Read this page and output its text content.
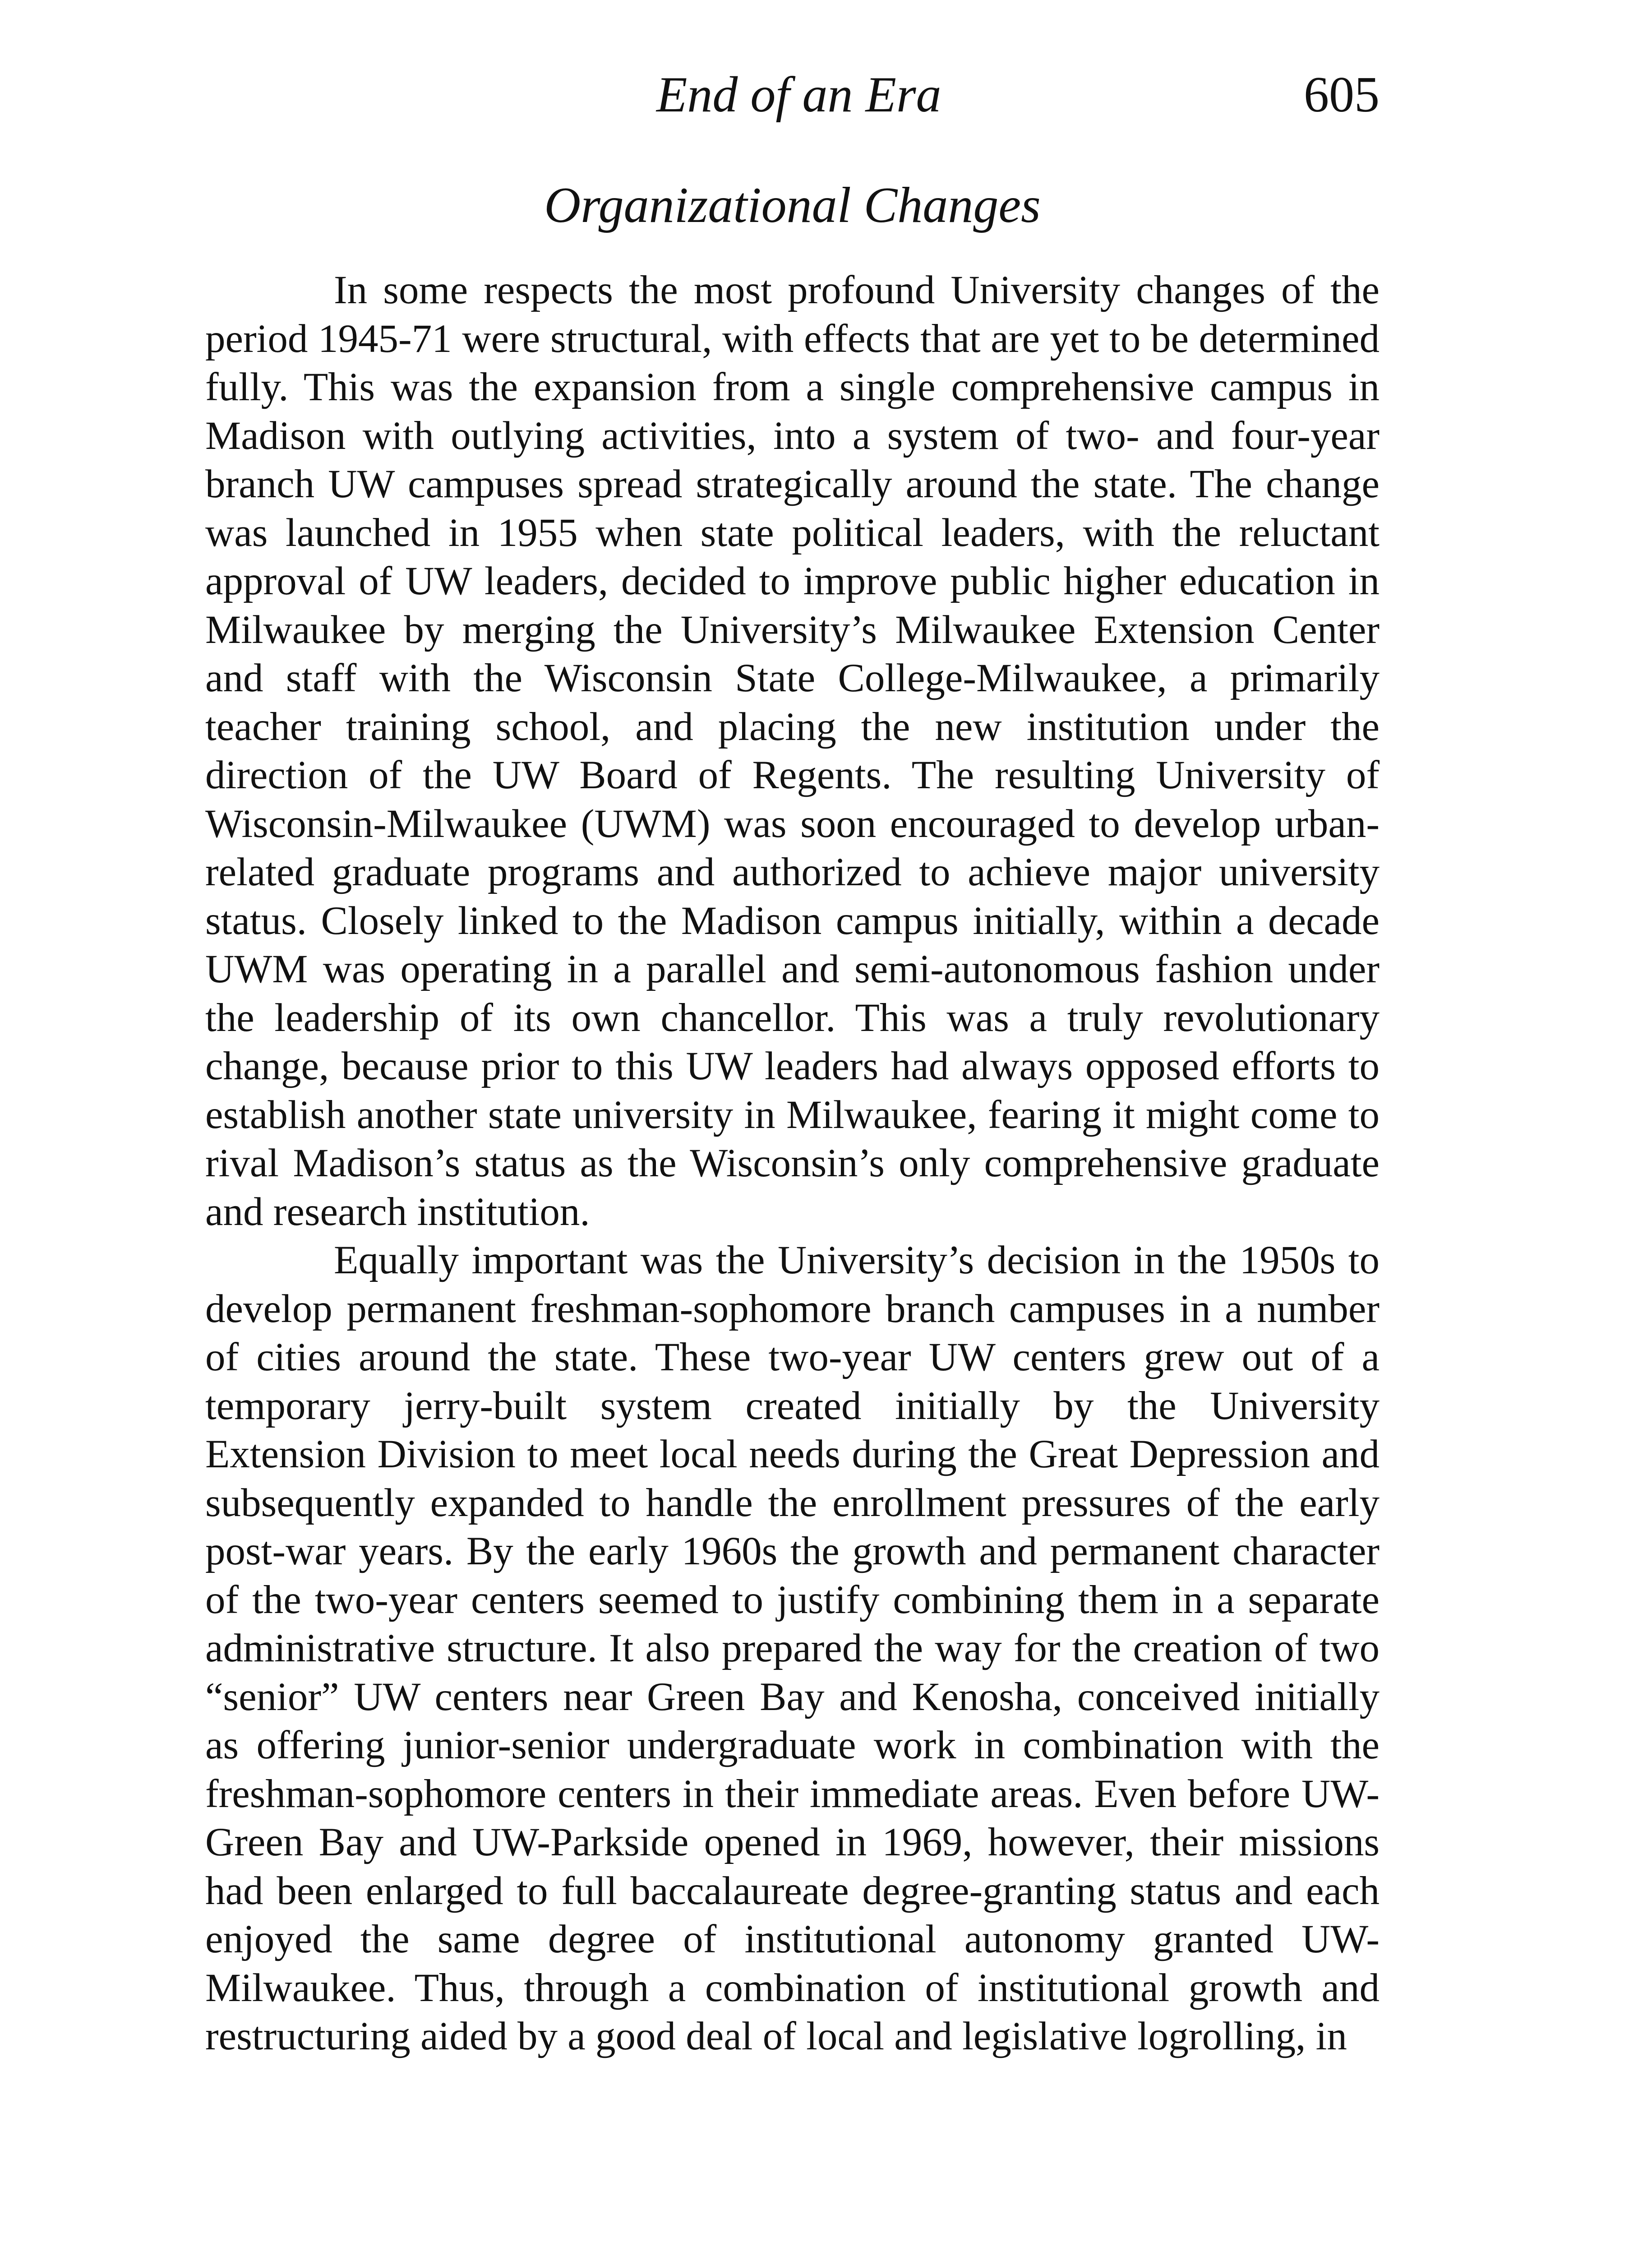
End of an Era	605
Organizational Changes

In some respects the most profound University changes of the period 1945-71 were structural, with effects that are yet to be determined fully. This was the expansion from a single comprehensive campus in Madison with outlying activities, into a system of two- and four-year branch UW campuses spread strategically around the state. The change was launched in 1955 when state political leaders, with the reluctant approval of UW leaders, decided to improve public higher education in Milwaukee by merging the University’s Milwaukee Extension Center and staff with the Wisconsin State College-Milwaukee, a primarily teacher training school, and placing the new institution under the direction of the UW Board of Regents. The resulting University of Wisconsin-Milwaukee (UWM) was soon encouraged to develop urban-related graduate programs and authorized to achieve major university status. Closely linked to the Madison campus initially, within a decade UWM was operating in a parallel and semi-autonomous fashion under the leadership of its own chancellor. This was a truly revolutionary change, because prior to this UW leaders had always opposed efforts to establish another state university in Milwaukee, fearing it might come to rival Madison’s status as the Wisconsin’s only comprehensive graduate and research institution.

Equally important was the University’s decision in the 1950s to develop permanent freshman-sophomore branch campuses in a number of cities around the state. These two-year UW centers grew out of a temporary jerry-built system created initially by the University Extension Division to meet local needs during the Great Depression and subsequently expanded to handle the enrollment pressures of the early post-war years. By the early 1960s the growth and permanent character of the two-year centers seemed to justify combining them in a separate administrative structure. It also prepared the way for the creation of two “senior” UW centers near Green Bay and Kenosha, conceived initially as offering junior-senior undergraduate work in combination with the freshman-sophomore centers in their immediate areas. Even before UW-Green Bay and UW-Parkside opened in 1969, however, their missions had been enlarged to full baccalaureate degree-granting status and each enjoyed the same degree of institutional autonomy granted UW-Milwaukee. Thus, through a combination of institutional growth and restructuring aided by a good deal of local and legislative logrolling, in
